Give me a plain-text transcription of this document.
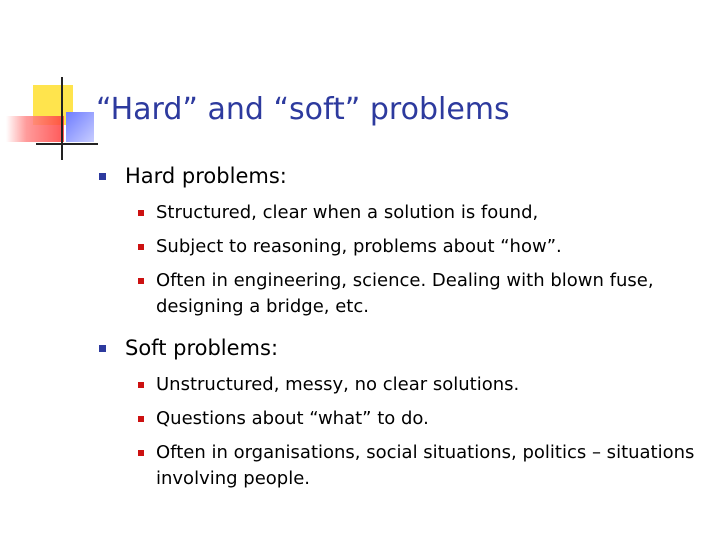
“Hard” and “soft” problems
Hard problems:
Structured, clear when a solution is found,
Subject to reasoning, problems about “how”.
Often in engineering, science. Dealing with blown fuse, designing a bridge, etc.
Soft problems:
Unstructured, messy, no clear solutions.
Questions about “what” to do.
Often in organisations, social situations, politics – situations involving people.
